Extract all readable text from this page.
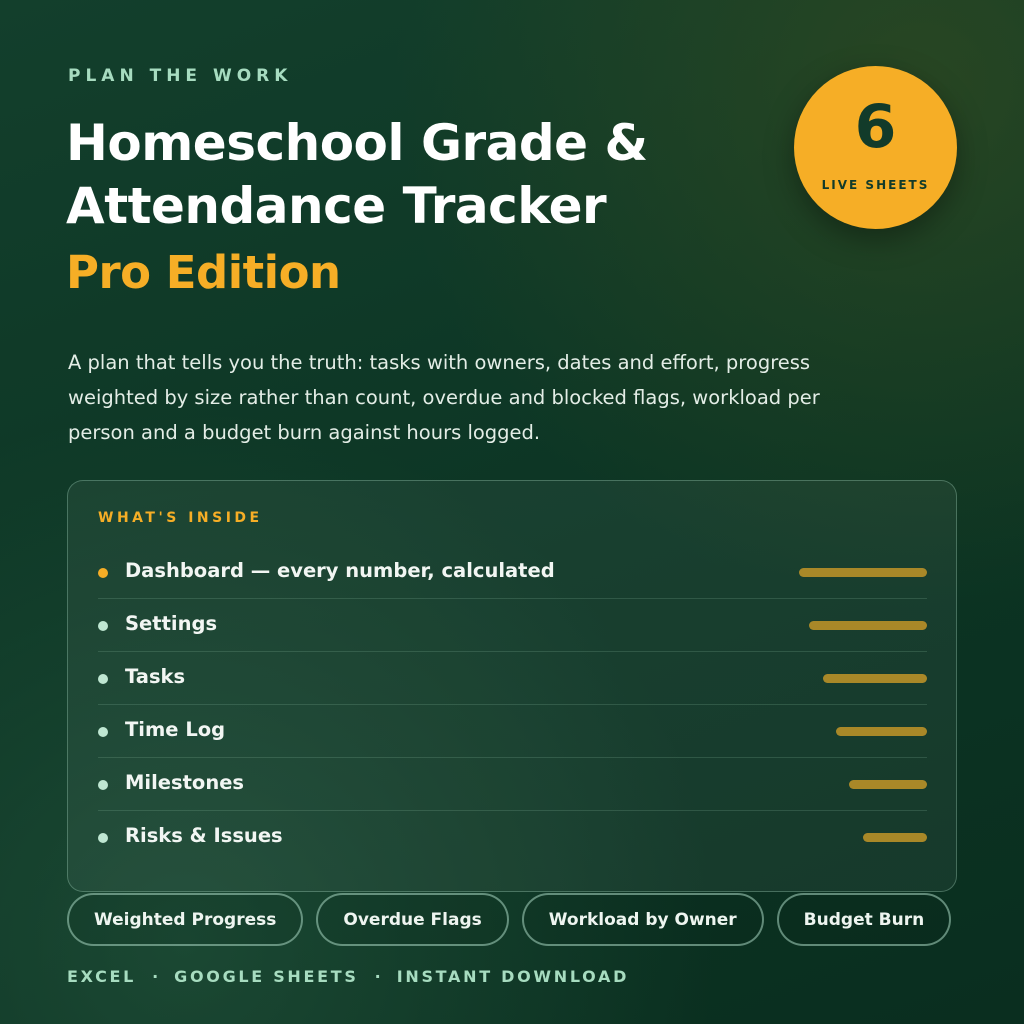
PLAN THE WORK
Homeschool Grade &
Attendance Tracker
Pro Edition
6
LIVE SHEETS
A plan that tells you the truth: tasks with owners, dates and effort, progress weighted by size rather than count, overdue and blocked flags, workload per person and a budget burn against hours logged.
WHAT'S INSIDE
Dashboard — every number, calculated
Settings
Tasks
Time Log
Milestones
Risks & Issues
Weighted Progress	Overdue Flags	Workload by Owner	Budget Burn
EXCEL · GOOGLE SHEETS · INSTANT DOWNLOAD
